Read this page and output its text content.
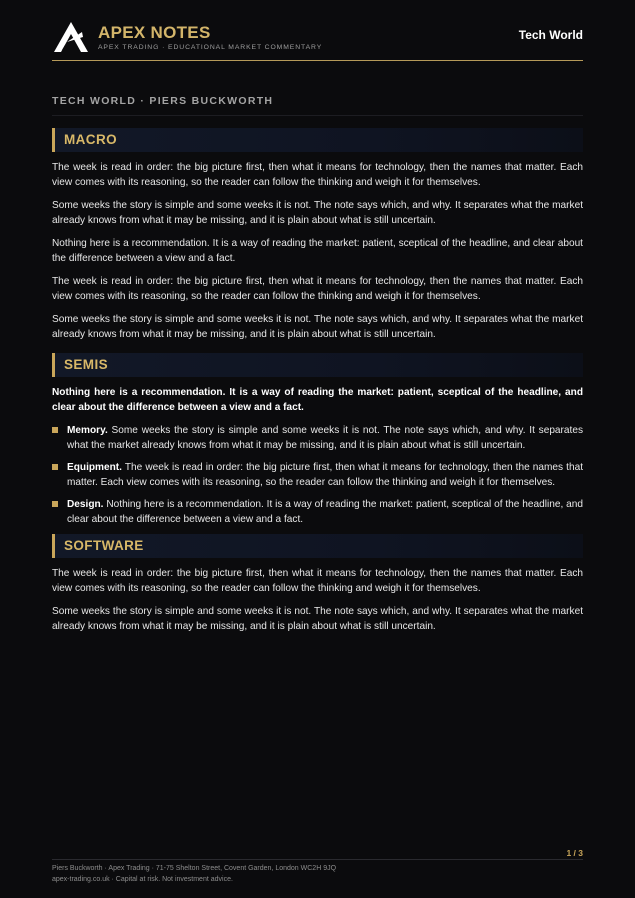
APEX NOTES
APEX TRADING · EDUCATIONAL MARKET COMMENTARY
Tech World
TECH WORLD · PIERS BUCKWORTH
MACRO

The week is read in order: the big picture first, then what it means for technology, then the names that matter. Each view comes with its reasoning, so the reader can follow the thinking and weigh it for themselves.

Some weeks the story is simple and some weeks it is not. The note says which, and why. It separates what the market already knows from what it may be missing, and it is plain about what is still uncertain.

Nothing here is a recommendation. It is a way of reading the market: patient, sceptical of the headline, and clear about the difference between a view and a fact.

The week is read in order: the big picture first, then what it means for technology, then the names that matter. Each view comes with its reasoning, so the reader can follow the thinking and weigh it for themselves.

Some weeks the story is simple and some weeks it is not. The note says which, and why. It separates what the market already knows from what it may be missing, and it is plain about what is still uncertain.

SEMIS

Nothing here is a recommendation. It is a way of reading the market: patient, sceptical of the headline, and clear about the difference between a view and a fact.

Memory. Some weeks the story is simple and some weeks it is not. The note says which, and why. It separates what the market already knows from what it may be missing, and it is plain about what is still uncertain.
Equipment. The week is read in order: the big picture first, then what it means for technology, then the names that matter. Each view comes with its reasoning, so the reader can follow the thinking and weigh it for themselves.
Design. Nothing here is a recommendation. It is a way of reading the market: patient, sceptical of the headline, and clear about the difference between a view and a fact.
SOFTWARE

The week is read in order: the big picture first, then what it means for technology, then the names that matter. Each view comes with its reasoning, so the reader can follow the thinking and weigh it for themselves.

Some weeks the story is simple and some weeks it is not. The note says which, and why. It separates what the market already knows from what it may be missing, and it is plain about what is still uncertain.

1 / 3
Piers Buckworth · Apex Trading · 71-75 Shelton Street, Covent Garden, London WC2H 9JQ
apex-trading.co.uk · Capital at risk. Not investment advice.
